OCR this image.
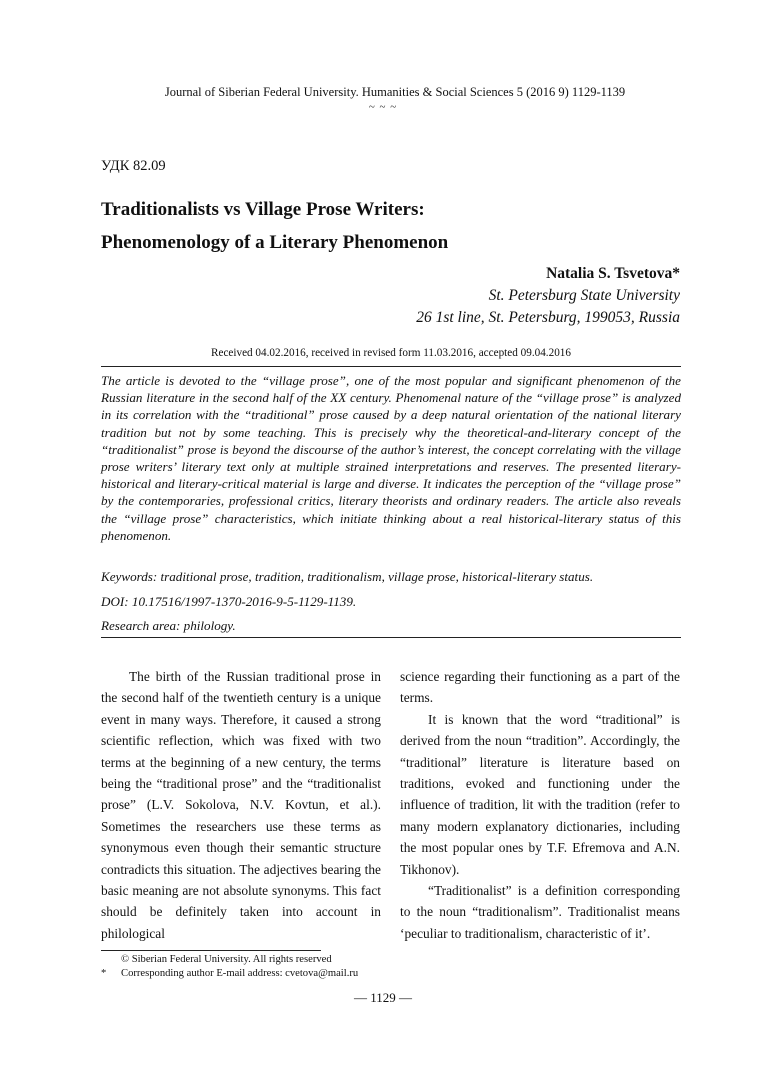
Journal of Siberian Federal University. Humanities & Social Sciences 5 (2016 9) 1129-1139
~ ~ ~
УДК 82.09
Traditionalists vs Village Prose Writers:
Phenomenology of a Literary Phenomenon
Natalia S. Tsvetova*
St. Petersburg State University
26 1st line, St. Petersburg, 199053, Russia
Received 04.02.2016, received in revised form 11.03.2016, accepted 09.04.2016
The article is devoted to the “village prose”, one of the most popular and significant phenomenon of the Russian literature in the second half of the XX century. Phenomenal nature of the “village prose” is analyzed in its correlation with the “traditional” prose caused by a deep natural orientation of the national literary tradition but not by some teaching. This is precisely why the theoretical-and-literary concept of the “traditionalist” prose is beyond the discourse of the author’s interest, the concept correlating with the village prose writers’ literary text only at multiple strained interpretations and reserves. The presented literary-historical and literary-critical material is large and diverse. It indicates the perception of the “village prose” by the contemporaries, professional critics, literary theorists and ordinary readers. The article also reveals the “village prose” characteristics, which initiate thinking about a real historical-literary status of this phenomenon.
Keywords: traditional prose, tradition, traditionalism, village prose, historical-literary status.
DOI: 10.17516/1997-1370-2016-9-5-1129-1139.
Research area: philology.

The birth of the Russian traditional prose in the second half of the twentieth century is a unique event in many ways. Therefore, it caused a strong scientific reflection, which was fixed with two terms at the beginning of a new century, the terms being the “traditional prose” and the “traditionalist prose” (L.V. Sokolova, N.V. Kovtun, et al.). Sometimes the researchers use these terms as synonymous even though their semantic structure contradicts this situation. The adjectives bearing the basic meaning are not absolute synonyms. This fact should be definitely taken into account in philological

science regarding their functioning as a part of the terms.

It is known that the word “traditional” is derived from the noun “tradition”. Accordingly, the “traditional” literature is literature based on traditions, evoked and functioning under the influence of tradition, lit with the tradition (refer to many modern explanatory dictionaries, including the most popular ones by T.F. Efremova and A.N. Tikhonov).

“Traditionalist” is a definition corresponding to the noun “traditionalism”. Traditionalist means ‘peculiar to traditionalism, characteristic of it’.

© Siberian Federal University. All rights reserved
* Corresponding author E-mail address: cvetova@mail.ru
— 1129 —
